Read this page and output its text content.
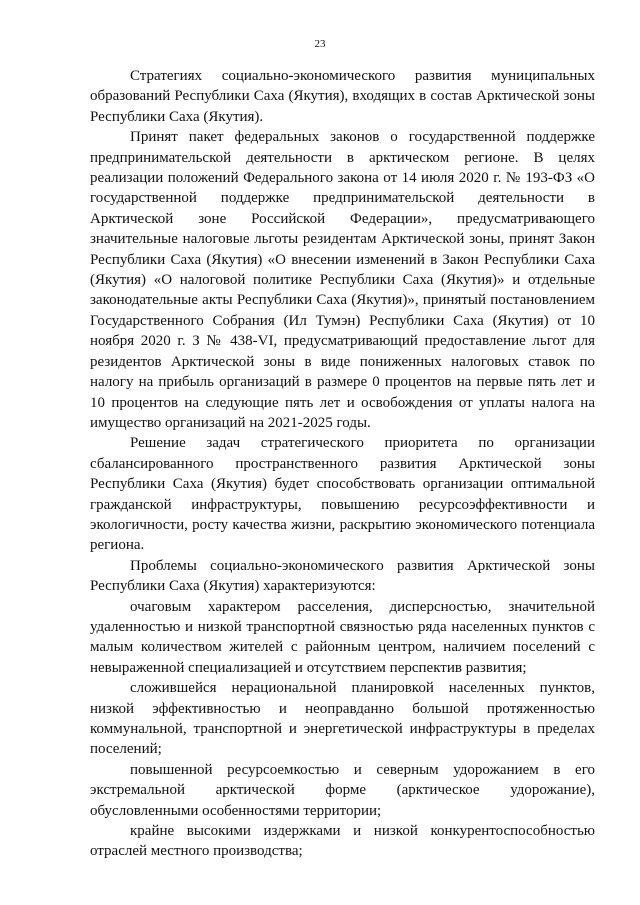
23

Стратегиях социально-экономического развития муниципальных образований Республики Саха (Якутия), входящих в состав Арктической зоны Республики Саха (Якутия).

Принят пакет федеральных законов о государственной поддержке предпринимательской деятельности в арктическом регионе. В целях реализации положений Федерального закона от 14 июля 2020 г. № 193-ФЗ «О государственной поддержке предпринимательской деятельности в Арктической зоне Российской Федерации», предусматривающего значительные налоговые льготы резидентам Арктической зоны, принят Закон Республики Саха (Якутия) «О внесении изменений в Закон Республики Саха (Якутия) «О налоговой политике Республики Саха (Якутия)» и отдельные законодательные акты Республики Саха (Якутия)», принятый постановлением Государственного Собрания (Ил Тумэн) Республики Саха (Якутия) от 10 ноября 2020 г. З № 438-VI, предусматривающий предоставление льгот для резидентов Арктической зоны в виде пониженных налоговых ставок по налогу на прибыль организаций в размере 0 процентов на первые пять лет и 10 процентов на следующие пять лет и освобождения от уплаты налога на имущество организаций на 2021-2025 годы.

Решение задач стратегического приоритета по организации сбалансированного пространственного развития Арктической зоны Республики Саха (Якутия) будет способствовать организации оптимальной гражданской инфраструктуры, повышению ресурсоэффективности и экологичности, росту качества жизни, раскрытию экономического потенциала региона.

Проблемы социально-экономического развития Арктической зоны Республики Саха (Якутия) характеризуются:

очаговым характером расселения, дисперсностью, значительной удаленностью и низкой транспортной связностью ряда населенных пунктов с малым количеством жителей с районным центром, наличием поселений с невыраженной специализацией и отсутствием перспектив развития;

сложившейся нерациональной планировкой населенных пунктов, низкой эффективностью и неоправданно большой протяженностью коммунальной, транспортной и энергетической инфраструктуры в пределах поселений;

повышенной ресурсоемкостью и северным удорожанием в его экстремальной арктической форме (арктическое удорожание), обусловленными особенностями территории;

крайне высокими издержками и низкой конкурентоспособностью отраслей местного производства;
